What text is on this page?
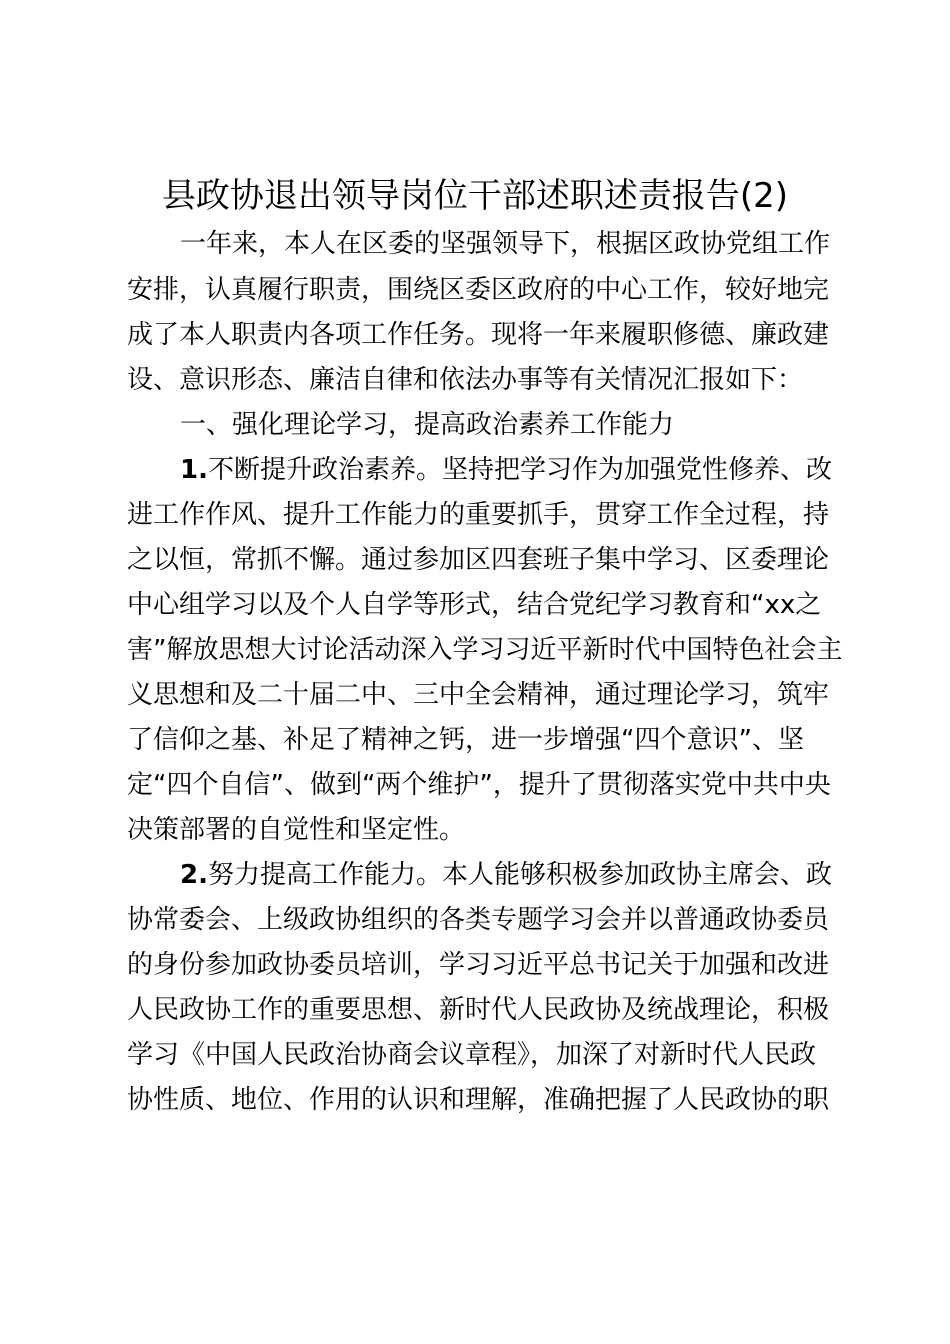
县政协退出领导岗位干部述职述责报告(2)
一年来，本人在区委的坚强领导下，根据区政协党组工作
安排，认真履行职责，围绕区委区政府的中心工作，较好地完
成了本人职责内各项工作任务。现将一年来履职修德、廉政建
设、意识形态、廉洁自律和依法办事等有关情况汇报如下：
一、强化理论学习，提高政治素养工作能力
1.不断提升政治素养。坚持把学习作为加强党性修养、改
进工作作风、提升工作能力的重要抓手，贯穿工作全过程，持
之以恒，常抓不懈。通过参加区四套班子集中学习、区委理论
中心组学习以及个人自学等形式，结合党纪学习教育和“xx之
害”解放思想大讨论活动深入学习习近平新时代中国特色社会主
义思想和及二十届二中、三中全会精神，通过理论学习，筑牢
了信仰之基、补足了精神之钙，进一步增强“四个意识”、坚
定“四个自信”、做到“两个维护”，提升了贯彻落实党中共中央
决策部署的自觉性和坚定性。
2.努力提高工作能力。本人能够积极参加政协主席会、政
协常委会、上级政协组织的各类专题学习会并以普通政协委员
的身份参加政协委员培训，学习习近平总书记关于加强和改进
人民政协工作的重要思想、新时代人民政协及统战理论，积极
学习《中国人民政治协商会议章程》，加深了对新时代人民政
协性质、地位、作用的认识和理解，准确把握了人民政协的职
